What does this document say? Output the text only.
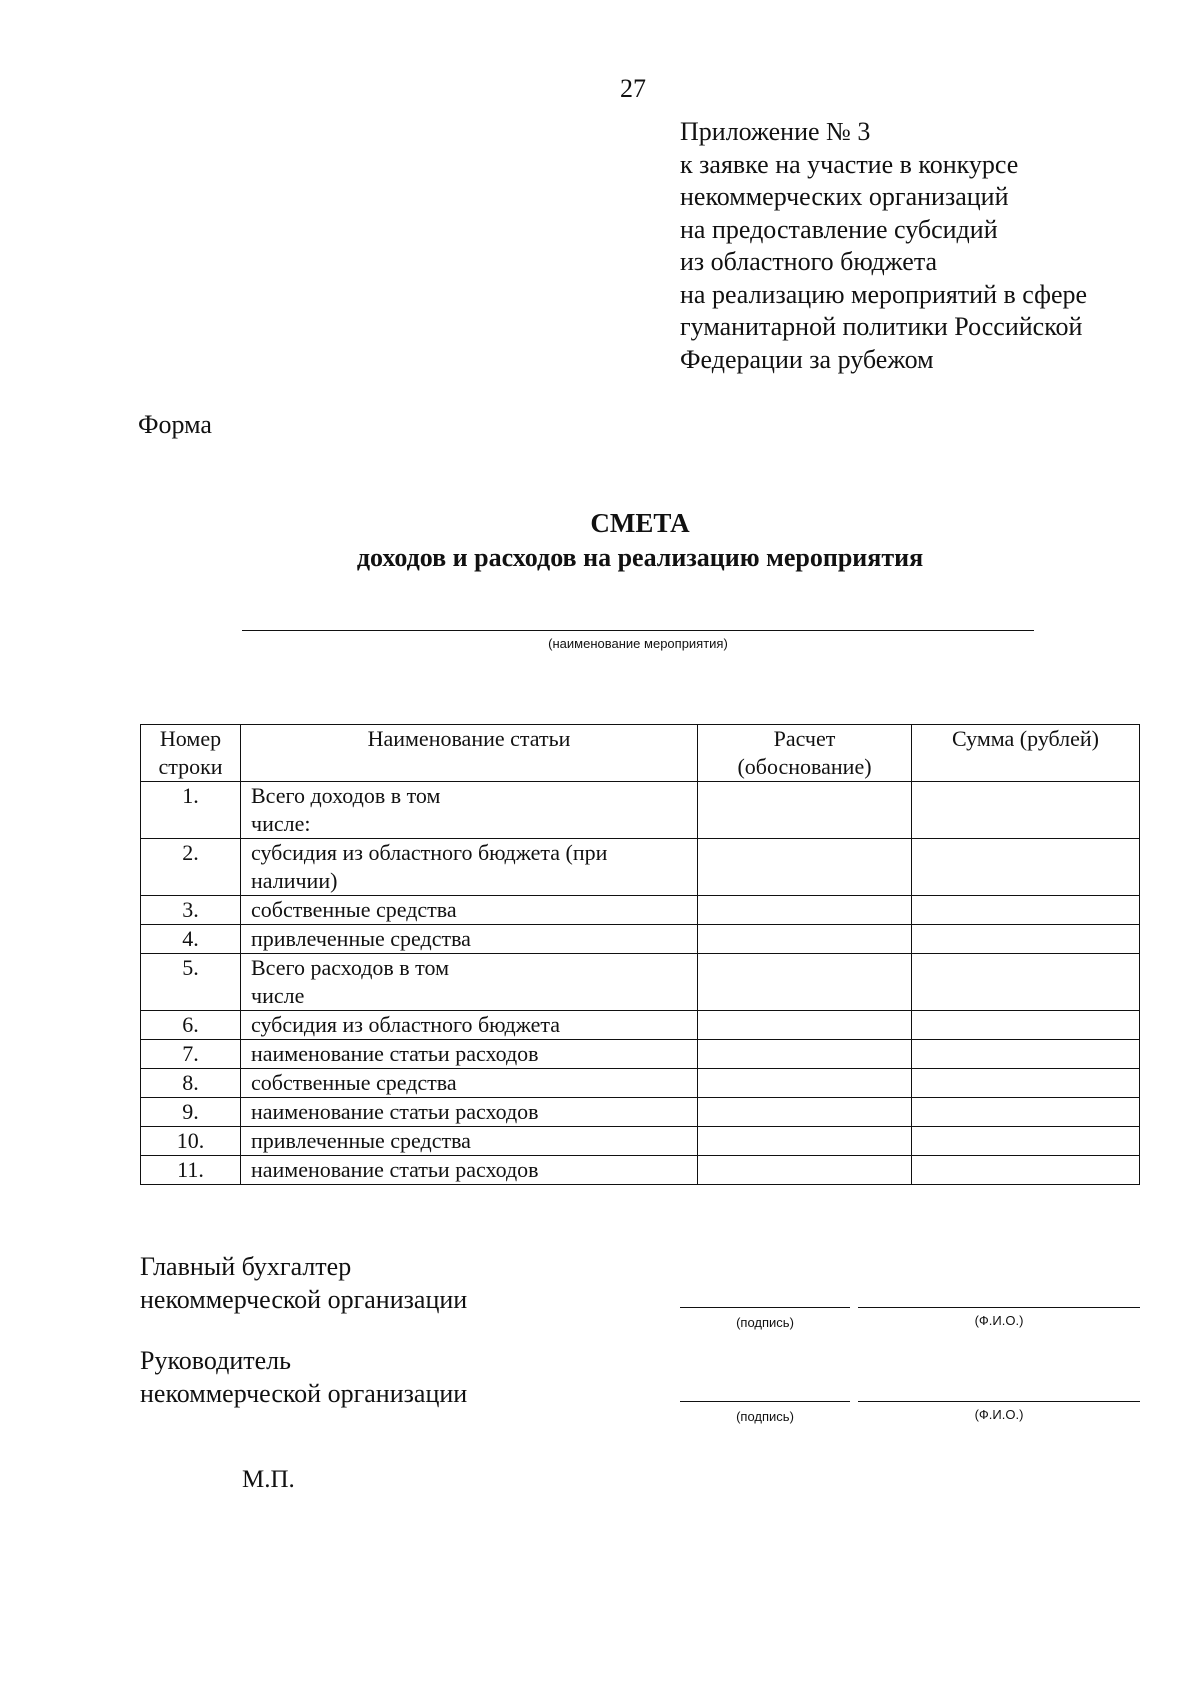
27
Приложение № 3
к заявке на участие в конкурсе
некоммерческих организаций
на предоставление субсидий
из областного бюджета
на реализацию мероприятий в сфере
гуманитарной политики Российской
Федерации за рубежом
Форма
СМЕТА
доходов и расходов на реализацию мероприятия
(наименование мероприятия)
Номер строки	Наименование статьи	Расчет (обоснование)	Сумма (рублей)
1.	Всего доходов в том числе:		
2.	субсидия из областного бюджета (при наличии)		
3.	собственные средства		
4.	привлеченные средства		
5.	Всего расходов в том числе		
6.	субсидия из областного бюджета		
7.	наименование статьи расходов		
8.	собственные средства		
9.	наименование статьи расходов		
10.	привлеченные средства		
11.	наименование статьи расходов		
Главный бухгалтер
некоммерческой организации
(подпись)	(Ф.И.О.)
Руководитель
некоммерческой организации
(подпись)	(Ф.И.О.)
М.П.
